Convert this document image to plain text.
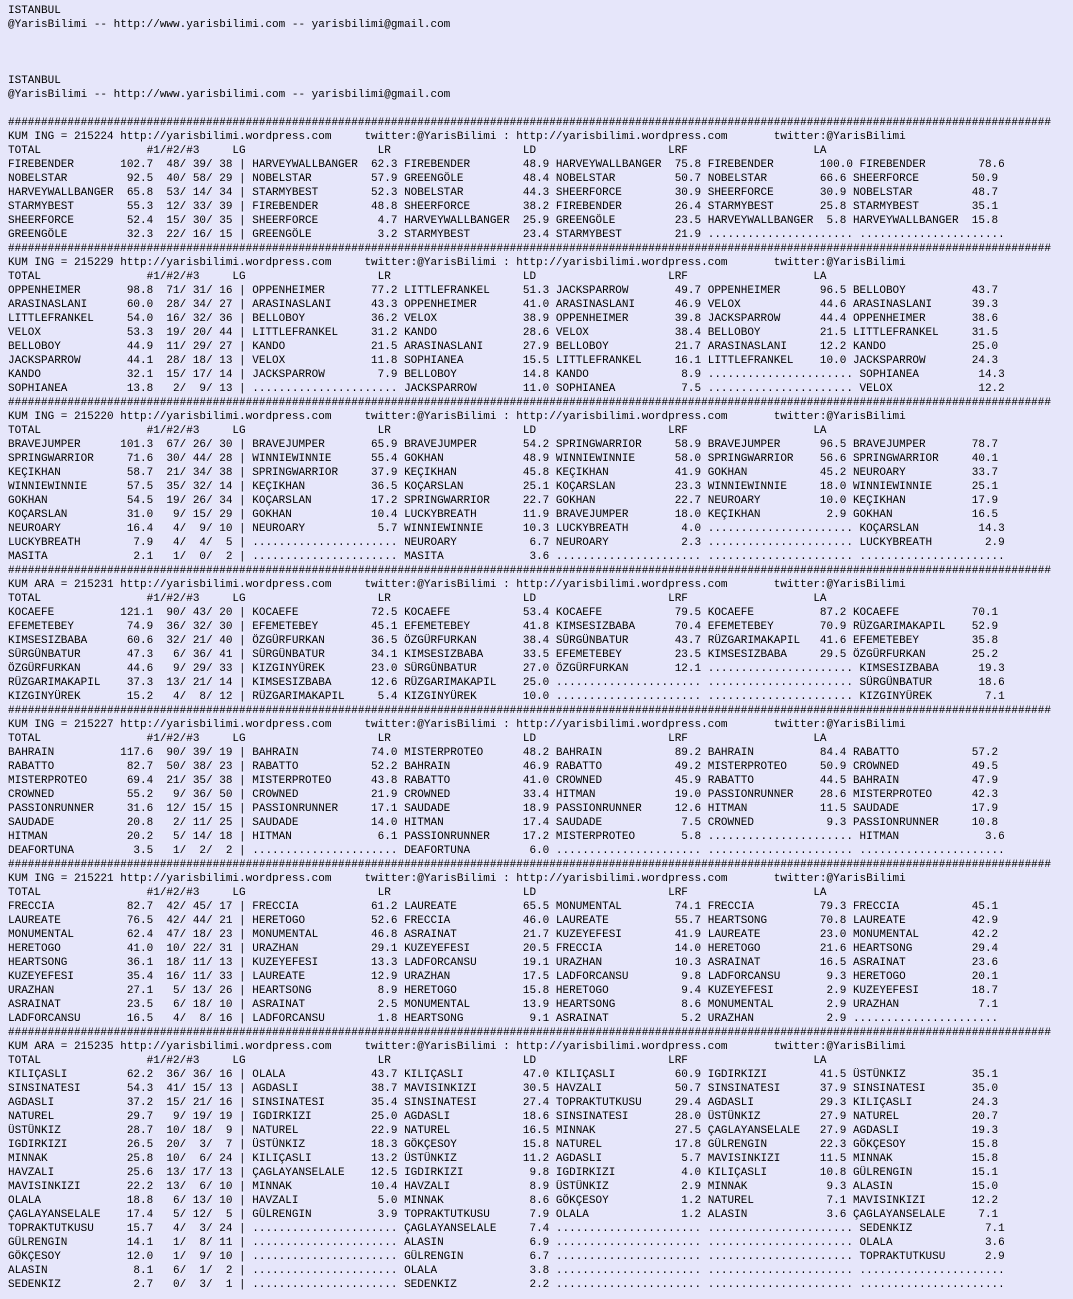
ISTANBUL
@YarisBilimi -- http://www.yarisbilimi.com -- yarisbilimi@gmail.com

ISTANBUL
@YarisBilimi -- http://www.yarisbilimi.com -- yarisbilimi@gmail.com

##############################################################################################################################################################
KUM ING = 215224 http://yarisbilimi.wordpress.com     twitter:@YarisBilimi : http://yarisbilimi.wordpress.com       twitter:@YarisBilimi
TOTAL                #1/#2/#3     LG                    LR                    LD                    LRF                   LA
FIREBENDER       102.7  48/ 39/ 38 | HARVEYWALLBANGER  62.3 FIREBENDER        48.9 HARVEYWALLBANGER  75.8 FIREBENDER       100.0 FIREBENDER        78.6
NOBELSTAR         92.5  40/ 58/ 29 | NOBELSTAR         57.9 GREENGÖLE         48.4 NOBELSTAR         50.7 NOBELSTAR        66.6 SHEERFORCE        50.9
HARVEYWALLBANGER  65.8  53/ 14/ 34 | STARMYBEST        52.3 NOBELSTAR         44.3 SHEERFORCE        30.9 SHEERFORCE       30.9 NOBELSTAR         48.7
STARMYBEST        55.3  12/ 33/ 39 | FIREBENDER        48.8 SHEERFORCE        38.2 FIREBENDER        26.4 STARMYBEST       25.8 STARMYBEST        35.1
SHEERFORCE        52.4  15/ 30/ 35 | SHEERFORCE         4.7 HARVEYWALLBANGER  25.9 GREENGÖLE         23.5 HARVEYWALLBANGER  5.8 HARVEYWALLBANGER  15.8
GREENGÖLE         32.3  22/ 16/ 15 | GREENGÖLE          3.2 STARMYBEST        23.4 STARMYBEST        21.9 ...................... ......................
##############################################################################################################################################################
KUM ING = 215229 http://yarisbilimi.wordpress.com     twitter:@YarisBilimi : http://yarisbilimi.wordpress.com       twitter:@YarisBilimi
TOTAL                #1/#2/#3     LG                    LR                    LD                    LRF                   LA
OPPENHEIMER       98.8  71/ 31/ 16 | OPPENHEIMER       77.2 LITTLEFRANKEL     51.3 JACKSPARROW       49.7 OPPENHEIMER      96.5 BELLOBOY          43.7
ARASINASLANI      60.0  28/ 34/ 27 | ARASINASLANI      43.3 OPPENHEIMER       41.0 ARASINASLANI      46.9 VELOX            44.6 ARASINASLANI      39.3
LITTLEFRANKEL     54.0  16/ 32/ 36 | BELLOBOY          36.2 VELOX             38.9 OPPENHEIMER       39.8 JACKSPARROW      44.4 OPPENHEIMER       38.6
VELOX             53.3  19/ 20/ 44 | LITTLEFRANKEL     31.2 KANDO             28.6 VELOX             38.4 BELLOBOY         21.5 LITTLEFRANKEL     31.5
BELLOBOY          44.9  11/ 29/ 27 | KANDO             21.5 ARASINASLANI      27.9 BELLOBOY          21.7 ARASINASLANI     12.2 KANDO             25.0
JACKSPARROW       44.1  28/ 18/ 13 | VELOX             11.8 SOPHIANEA         15.5 LITTLEFRANKEL     16.1 LITTLEFRANKEL    10.0 JACKSPARROW       24.3
KANDO             32.1  15/ 17/ 14 | JACKSPARROW        7.9 BELLOBOY          14.8 KANDO              8.9 ...................... SOPHIANEA         14.3
SOPHIANEA         13.8   2/  9/ 13 | ...................... JACKSPARROW       11.0 SOPHIANEA          7.5 ...................... VELOX             12.2
##############################################################################################################################################################
KUM ING = 215220 http://yarisbilimi.wordpress.com     twitter:@YarisBilimi : http://yarisbilimi.wordpress.com       twitter:@YarisBilimi
TOTAL                #1/#2/#3     LG                    LR                    LD                    LRF                   LA
BRAVEJUMPER      101.3  67/ 26/ 30 | BRAVEJUMPER       65.9 BRAVEJUMPER       54.2 SPRINGWARRIOR     58.9 BRAVEJUMPER      96.5 BRAVEJUMPER       78.7
SPRINGWARRIOR     71.6  30/ 44/ 28 | WINNIEWINNIE      55.4 GOKHAN            48.9 WINNIEWINNIE      58.0 SPRINGWARRIOR    56.6 SPRINGWARRIOR     40.1
KEÇIKHAN          58.7  21/ 34/ 38 | SPRINGWARRIOR     37.9 KEÇIKHAN          45.8 KEÇIKHAN          41.9 GOKHAN           45.2 NEUROARY          33.7
WINNIEWINNIE      57.5  35/ 32/ 14 | KEÇIKHAN          36.5 KOÇARSLAN         25.1 KOÇARSLAN         23.3 WINNIEWINNIE     18.0 WINNIEWINNIE      25.1
GOKHAN            54.5  19/ 26/ 34 | KOÇARSLAN         17.2 SPRINGWARRIOR     22.7 GOKHAN            22.7 NEUROARY         10.0 KEÇIKHAN          17.9
KOÇARSLAN         31.0   9/ 15/ 29 | GOKHAN            10.4 LUCKYBREATH       11.9 BRAVEJUMPER       18.0 KEÇIKHAN          2.9 GOKHAN            16.5
NEUROARY          16.4   4/  9/ 10 | NEUROARY           5.7 WINNIEWINNIE      10.3 LUCKYBREATH        4.0 ...................... KOÇARSLAN         14.3
LUCKYBREATH        7.9   4/  4/  5 | ...................... NEUROARY           6.7 NEUROARY           2.3 ...................... LUCKYBREATH        2.9
MASITA             2.1   1/  0/  2 | ...................... MASITA             3.6 ...................... ...................... ......................
##############################################################################################################################################################
KUM ARA = 215231 http://yarisbilimi.wordpress.com     twitter:@YarisBilimi : http://yarisbilimi.wordpress.com       twitter:@YarisBilimi
TOTAL                #1/#2/#3     LG                    LR                    LD                    LRF                   LA
KOCAEFE          121.1  90/ 43/ 20 | KOCAEFE           72.5 KOCAEFE           53.4 KOCAEFE           79.5 KOCAEFE          87.2 KOCAEFE           70.1
EFEMETEBEY        74.9  36/ 32/ 30 | EFEMETEBEY        45.1 EFEMETEBEY        41.8 KIMSESIZBABA      70.4 EFEMETEBEY       70.9 RÜZGARIMAKAPIL    52.9
KIMSESIZBABA      60.6  32/ 21/ 40 | ÖZGÜRFURKAN       36.5 ÖZGÜRFURKAN       38.4 SÜRGÜNBATUR       43.7 RÜZGARIMAKAPIL   41.6 EFEMETEBEY        35.8
SÜRGÜNBATUR       47.3   6/ 36/ 41 | SÜRGÜNBATUR       34.1 KIMSESIZBABA      33.5 EFEMETEBEY        23.5 KIMSESIZBABA     29.5 ÖZGÜRFURKAN       25.2
ÖZGÜRFURKAN       44.6   9/ 29/ 33 | KIZGINYÜREK       23.0 SÜRGÜNBATUR       27.0 ÖZGÜRFURKAN       12.1 ...................... KIMSESIZBABA      19.3
RÜZGARIMAKAPIL    37.3  13/ 21/ 14 | KIMSESIZBABA      12.6 RÜZGARIMAKAPIL    25.0 ...................... ...................... SÜRGÜNBATUR       18.6
KIZGINYÜREK       15.2   4/  8/ 12 | RÜZGARIMAKAPIL     5.4 KIZGINYÜREK       10.0 ...................... ...................... KIZGINYÜREK        7.1
##############################################################################################################################################################
KUM ING = 215227 http://yarisbilimi.wordpress.com     twitter:@YarisBilimi : http://yarisbilimi.wordpress.com       twitter:@YarisBilimi
TOTAL                #1/#2/#3     LG                    LR                    LD                    LRF                   LA
BAHRAIN          117.6  90/ 39/ 19 | BAHRAIN           74.0 MISTERPROTEO      48.2 BAHRAIN           89.2 BAHRAIN          84.4 RABATTO           57.2
RABATTO           82.7  50/ 38/ 23 | RABATTO           52.2 BAHRAIN           46.9 RABATTO           49.2 MISTERPROTEO     50.9 CROWNED           49.5
MISTERPROTEO      69.4  21/ 35/ 38 | MISTERPROTEO      43.8 RABATTO           41.0 CROWNED           45.9 RABATTO          44.5 BAHRAIN           47.9
CROWNED           55.2   9/ 36/ 50 | CROWNED           21.9 CROWNED           33.4 HITMAN            19.0 PASSIONRUNNER    28.6 MISTERPROTEO      42.3
PASSIONRUNNER     31.6  12/ 15/ 15 | PASSIONRUNNER     17.1 SAUDADE           18.9 PASSIONRUNNER     12.6 HITMAN           11.5 SAUDADE           17.9
SAUDADE           20.8   2/ 11/ 25 | SAUDADE           14.0 HITMAN            17.4 SAUDADE            7.5 CROWNED           9.3 PASSIONRUNNER     10.8
HITMAN            20.2   5/ 14/ 18 | HITMAN             6.1 PASSIONRUNNER     17.2 MISTERPROTEO       5.8 ...................... HITMAN             3.6
DEAFORTUNA         3.5   1/  2/  2 | ...................... DEAFORTUNA         6.0 ...................... ...................... ......................
##############################################################################################################################################################
KUM ING = 215221 http://yarisbilimi.wordpress.com     twitter:@YarisBilimi : http://yarisbilimi.wordpress.com       twitter:@YarisBilimi
TOTAL                #1/#2/#3     LG                    LR                    LD                    LRF                   LA
FRECCIA           82.7  42/ 45/ 17 | FRECCIA           61.2 LAUREATE          65.5 MONUMENTAL        74.1 FRECCIA          79.3 FRECCIA           45.1
LAUREATE          76.5  42/ 44/ 21 | HERETOGO          52.6 FRECCIA           46.0 LAUREATE          55.7 HEARTSONG        70.8 LAUREATE          42.9
MONUMENTAL        62.4  47/ 18/ 23 | MONUMENTAL        46.8 ASRAINAT          21.7 KUZEYEFESI        41.9 LAUREATE         23.0 MONUMENTAL        42.2
HERETOGO          41.0  10/ 22/ 31 | URAZHAN           29.1 KUZEYEFESI        20.5 FRECCIA           14.0 HERETOGO         21.6 HEARTSONG         29.4
HEARTSONG         36.1  18/ 11/ 13 | KUZEYEFESI        13.3 LADFORCANSU       19.1 URAZHAN           10.3 ASRAINAT         16.5 ASRAINAT          23.6
KUZEYEFESI        35.4  16/ 11/ 33 | LAUREATE          12.9 URAZHAN           17.5 LADFORCANSU        9.8 LADFORCANSU       9.3 HERETOGO          20.1
URAZHAN           27.1   5/ 13/ 26 | HEARTSONG          8.9 HERETOGO          15.8 HERETOGO           9.4 KUZEYEFESI        2.9 KUZEYEFESI        18.7
ASRAINAT          23.5   6/ 18/ 10 | ASRAINAT           2.5 MONUMENTAL        13.9 HEARTSONG          8.6 MONUMENTAL        2.9 URAZHAN            7.1
LADFORCANSU       16.5   4/  8/ 16 | LADFORCANSU        1.8 HEARTSONG          9.1 ASRAINAT           5.2 URAZHAN           2.9 ......................
##############################################################################################################################################################
KUM ARA = 215235 http://yarisbilimi.wordpress.com     twitter:@YarisBilimi : http://yarisbilimi.wordpress.com       twitter:@YarisBilimi
TOTAL                #1/#2/#3     LG                    LR                    LD                    LRF                   LA
KILIÇASLI         62.2  36/ 36/ 16 | OLALA             43.7 KILIÇASLI         47.0 KILIÇASLI         60.9 IGDIRKIZI        41.5 ÜSTÜNKIZ          35.1
SINSINATESI       54.3  41/ 15/ 13 | AGDASLI           38.7 MAVISINKIZI       30.5 HAVZALI           50.7 SINSINATESI      37.9 SINSINATESI       35.0
AGDASLI           37.2  15/ 21/ 16 | SINSINATESI       35.4 SINSINATESI       27.4 TOPRAKTUTKUSU     29.4 AGDASLI          29.3 KILIÇASLI         24.3
NATUREL           29.7   9/ 19/ 19 | IGDIRKIZI         25.0 AGDASLI           18.6 SINSINATESI       28.0 ÜSTÜNKIZ         27.9 NATUREL           20.7
ÜSTÜNKIZ          28.7  10/ 18/  9 | NATUREL           22.9 NATUREL           16.5 MINNAK            27.5 ÇAGLAYANSELALE   27.9 AGDASLI           19.3
IGDIRKIZI         26.5  20/  3/  7 | ÜSTÜNKIZ          18.3 GÖKÇESOY          15.8 NATUREL           17.8 GÜLRENGIN        22.3 GÖKÇESOY          15.8
MINNAK            25.8  10/  6/ 24 | KILIÇASLI         13.2 ÜSTÜNKIZ          11.2 AGDASLI            5.7 MAVISINKIZI      11.5 MINNAK            15.8
HAVZALI           25.6  13/ 17/ 13 | ÇAGLAYANSELALE    12.5 IGDIRKIZI          9.8 IGDIRKIZI          4.0 KILIÇASLI        10.8 GÜLRENGIN         15.1
MAVISINKIZI       22.2  13/  6/ 10 | MINNAK            10.4 HAVZALI            8.9 ÜSTÜNKIZ           2.9 MINNAK            9.3 ALASIN            15.0
OLALA             18.8   6/ 13/ 10 | HAVZALI            5.0 MINNAK             8.6 GÖKÇESOY           1.2 NATUREL           7.1 MAVISINKIZI       12.2
ÇAGLAYANSELALE    17.4   5/ 12/  5 | GÜLRENGIN          3.9 TOPRAKTUTKUSU      7.9 OLALA              1.2 ALASIN            3.6 ÇAGLAYANSELALE     7.1
TOPRAKTUTKUSU     15.7   4/  3/ 24 | ...................... ÇAGLAYANSELALE     7.4 ...................... ...................... SEDENKIZ           7.1
GÜLRENGIN         14.1   1/  8/ 11 | ...................... ALASIN             6.9 ...................... ...................... OLALA              3.6
GÖKÇESOY          12.0   1/  9/ 10 | ...................... GÜLRENGIN          6.7 ...................... ...................... TOPRAKTUTKUSU      2.9
ALASIN             8.1   6/  1/  2 | ...................... OLALA              3.8 ...................... ...................... ......................
SEDENKIZ           2.7   0/  3/  1 | ...................... SEDENKIZ           2.2 ...................... ...................... ......................
